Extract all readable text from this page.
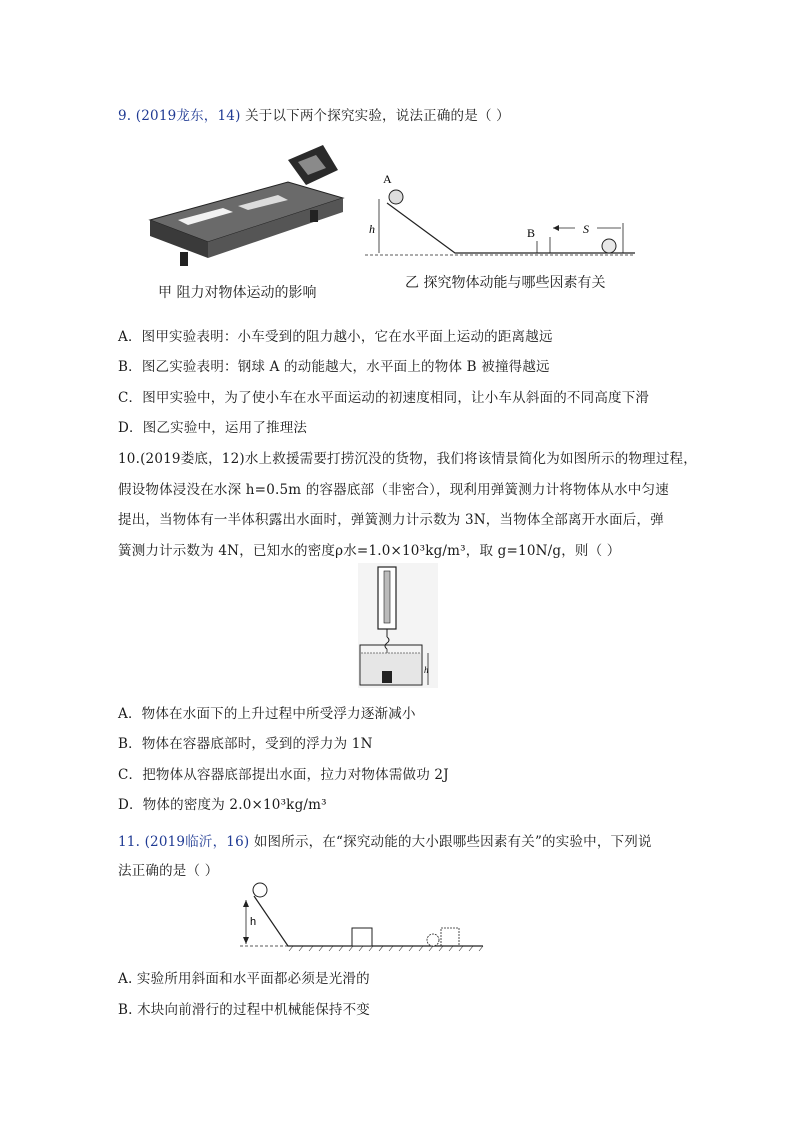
9. (2019龙东，14) 关于以下两个探究实验，说法正确的是（ ）
甲 阻力对物体运动的影响
A
h	B	S
乙 探究物体动能与哪些因素有关
A．图甲实验表明：小车受到的阻力越小，它在水平面上运动的距离越远
B．图乙实验表明：钢球 A 的动能越大，水平面上的物体 B 被撞得越远
C．图甲实验中，为了使小车在水平面运动的初速度相同，让小车从斜面的不同高度下滑
D．图乙实验中，运用了推理法
10.(2019娄底，12)水上救援需要打捞沉没的货物，我们将该情景简化为如图所示的物理过程，
假设物体浸没在水深 h=0.5m 的容器底部（非密合），现利用弹簧测力计将物体从水中匀速
提出，当物体有一半体积露出水面时，弹簧测力计示数为 3N，当物体全部离开水面后，弹
簧测力计示数为 4N，已知水的密度ρ水=1.0×10³kg/m³，取 g=10N/g，则（ ）
h
A．物体在水面下的上升过程中所受浮力逐渐减小
B．物体在容器底部时，受到的浮力为 1N
C．把物体从容器底部提出水面，拉力对物体需做功 2J
D．物体的密度为 2.0×10³kg/m³
11. (2019临沂，16) 如图所示，在“探究动能的大小跟哪些因素有关”的实验中，下列说
法正确的是（ ）
h
A. 实验所用斜面和水平面都必须是光滑的
B. 木块向前滑行的过程中机械能保持不变
